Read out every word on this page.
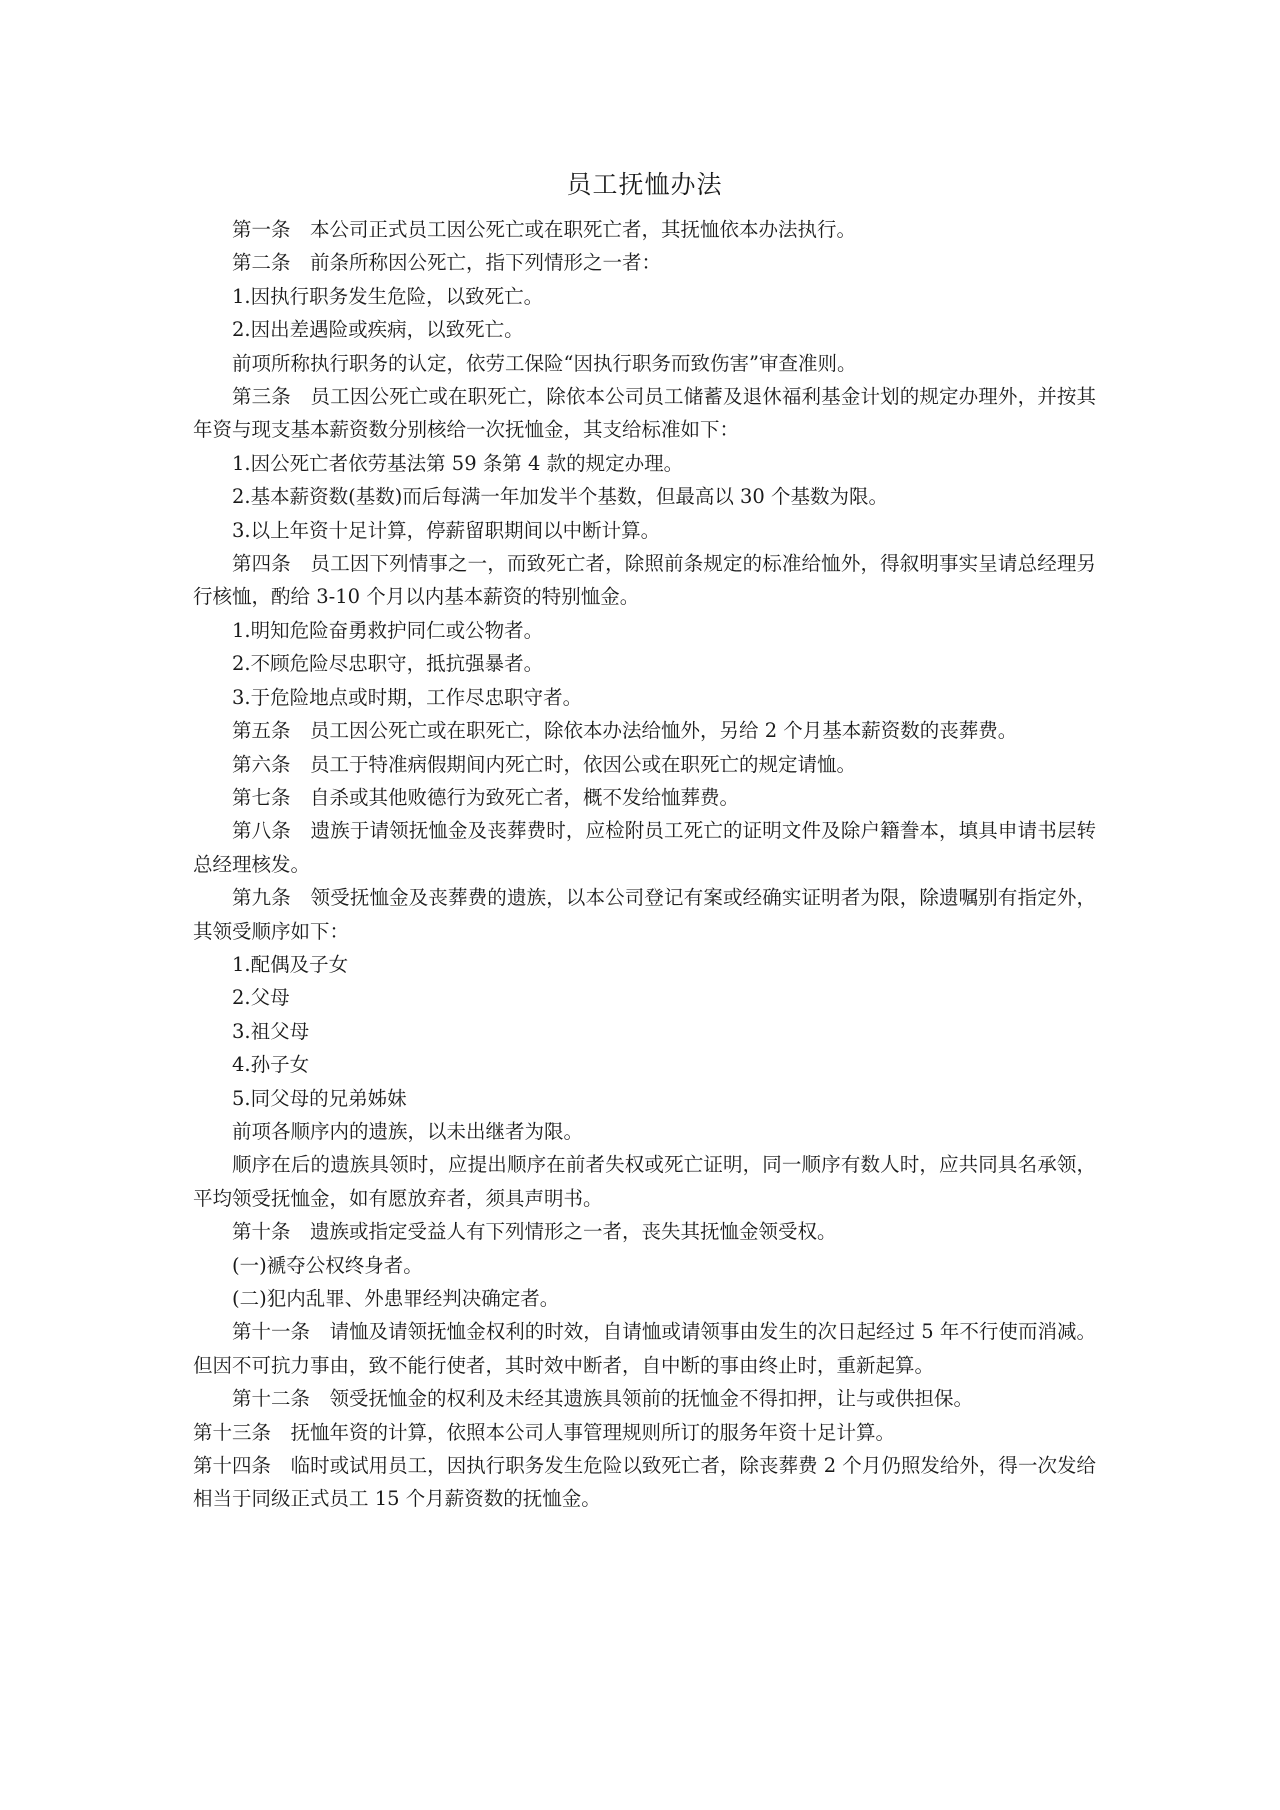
员工抚恤办法

第一条　本公司正式员工因公死亡或在职死亡者，其抚恤依本办法执行。

第二条　前条所称因公死亡，指下列情形之一者：

1.因执行职务发生危险，以致死亡。

2.因出差遇险或疾病，以致死亡。

前项所称执行职务的认定，依劳工保险“因执行职务而致伤害”审查准则。

第三条　员工因公死亡或在职死亡，除依本公司员工储蓄及退休福利基金计划的规定办理外，并按其年资与现支基本薪资数分别核给一次抚恤金，其支给标准如下：

1.因公死亡者依劳基法第 59 条第 4 款的规定办理。

2.基本薪资数(基数)而后每满一年加发半个基数，但最高以 30 个基数为限。

3.以上年资十足计算，停薪留职期间以中断计算。

第四条　员工因下列情事之一，而致死亡者，除照前条规定的标准给恤外，得叙明事实呈请总经理另行核恤，酌给 3-10 个月以内基本薪资的特别恤金。

1.明知危险奋勇救护同仁或公物者。

2.不顾危险尽忠职守，抵抗强暴者。

3.于危险地点或时期，工作尽忠职守者。

第五条　员工因公死亡或在职死亡，除依本办法给恤外，另给 2 个月基本薪资数的丧葬费。

第六条　员工于特准病假期间内死亡时，依因公或在职死亡的规定请恤。

第七条　自杀或其他败德行为致死亡者，概不发给恤葬费。

第八条　遗族于请领抚恤金及丧葬费时，应检附员工死亡的证明文件及除户籍誊本，填具申请书层转总经理核发。

第九条　领受抚恤金及丧葬费的遗族，以本公司登记有案或经确实证明者为限，除遗嘱别有指定外，其领受顺序如下：

1.配偶及子女

2.父母

3.祖父母

4.孙子女

5.同父母的兄弟姊妹

前项各顺序内的遗族，以未出继者为限。

顺序在后的遗族具领时，应提出顺序在前者失权或死亡证明，同一顺序有数人时，应共同具名承领，平均领受抚恤金，如有愿放弃者，须具声明书。

第十条　遗族或指定受益人有下列情形之一者，丧失其抚恤金领受权。

(一)褫夺公权终身者。

(二)犯内乱罪、外患罪经判决确定者。

第十一条　请恤及请领抚恤金权利的时效，自请恤或请领事由发生的次日起经过 5 年不行使而消减。但因不可抗力事由，致不能行使者，其时效中断者，自中断的事由终止时，重新起算。

第十二条　领受抚恤金的权利及未经其遗族具领前的抚恤金不得扣押，让与或供担保。

第十三条　抚恤年资的计算，依照本公司人事管理规则所订的服务年资十足计算。

第十四条　临时或试用员工，因执行职务发生危险以致死亡者，除丧葬费 2 个月仍照发给外，得一次发给相当于同级正式员工 15 个月薪资数的抚恤金。
